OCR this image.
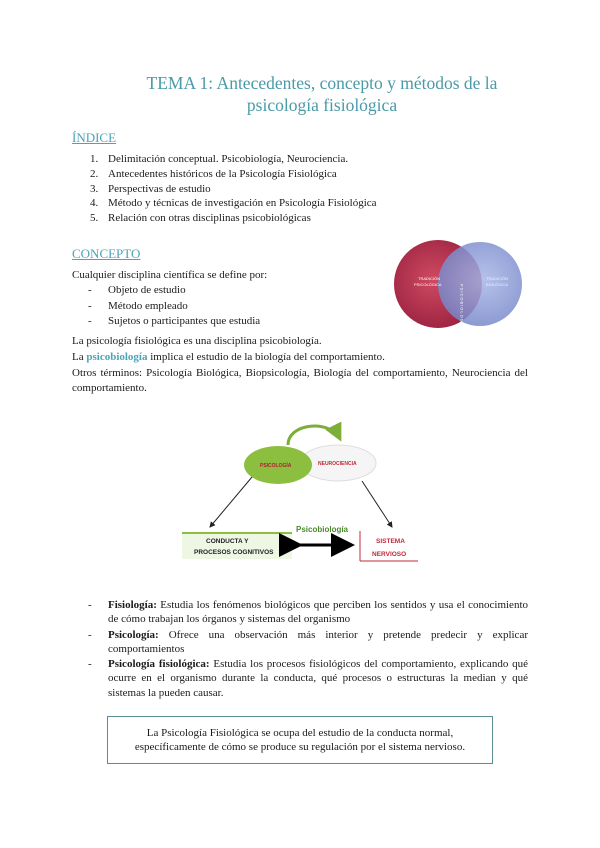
TEMA 1: Antecedentes, concepto y métodos de la
psicología fisiológica
ÍNDICE
1. Delimitación conceptual. Psicobiología, Neurociencia.
2. Antecedentes históricos de la Psicología Fisiológica
3. Perspectivas de estudio
4. Método y técnicas de investigación en Psicología Fisiológica
5. Relación con otras disciplinas psicobiológicas
CONCEPTO
Cualquier disciplina científica se define por:
- Objeto de estudio
- Método empleado
- Sujetos o participantes que estudia
TRADICIÓN
PSICOLÓGICA	PSICOBIOLOGÍA
TRADICIÓN
BIOLÓGICA
La psicología fisiológica es una disciplina psicobiología.
La psicobiología implica el estudio de la biología del comportamiento.
Otros términos: Psicología Biológica, Biopsicología, Biología del comportamiento, Neurociencia del comportamiento.
PSICOLOGÍA	NEUROCIENCIA
CONDUCTA Y
PROCESOS COGNITIVOS
Psicobiología
SISTEMA
NERVIOSO
- Fisiología: Estudia los fenómenos biológicos que perciben los sentidos y usa el conocimiento de cómo trabajan los órganos y sistemas del organismo
- Psicología: Ofrece una observación más interior y pretende predecir y explicar comportamientos
- Psicología fisiológica: Estudia los procesos fisiológicos del comportamiento, explicando qué ocurre en el organismo durante la conducta, qué procesos o estructuras la median y qué sistemas la pueden causar.
La Psicología Fisiológica se ocupa del estudio de la conducta normal,
específicamente de cómo se produce su regulación por el sistema nervioso.
